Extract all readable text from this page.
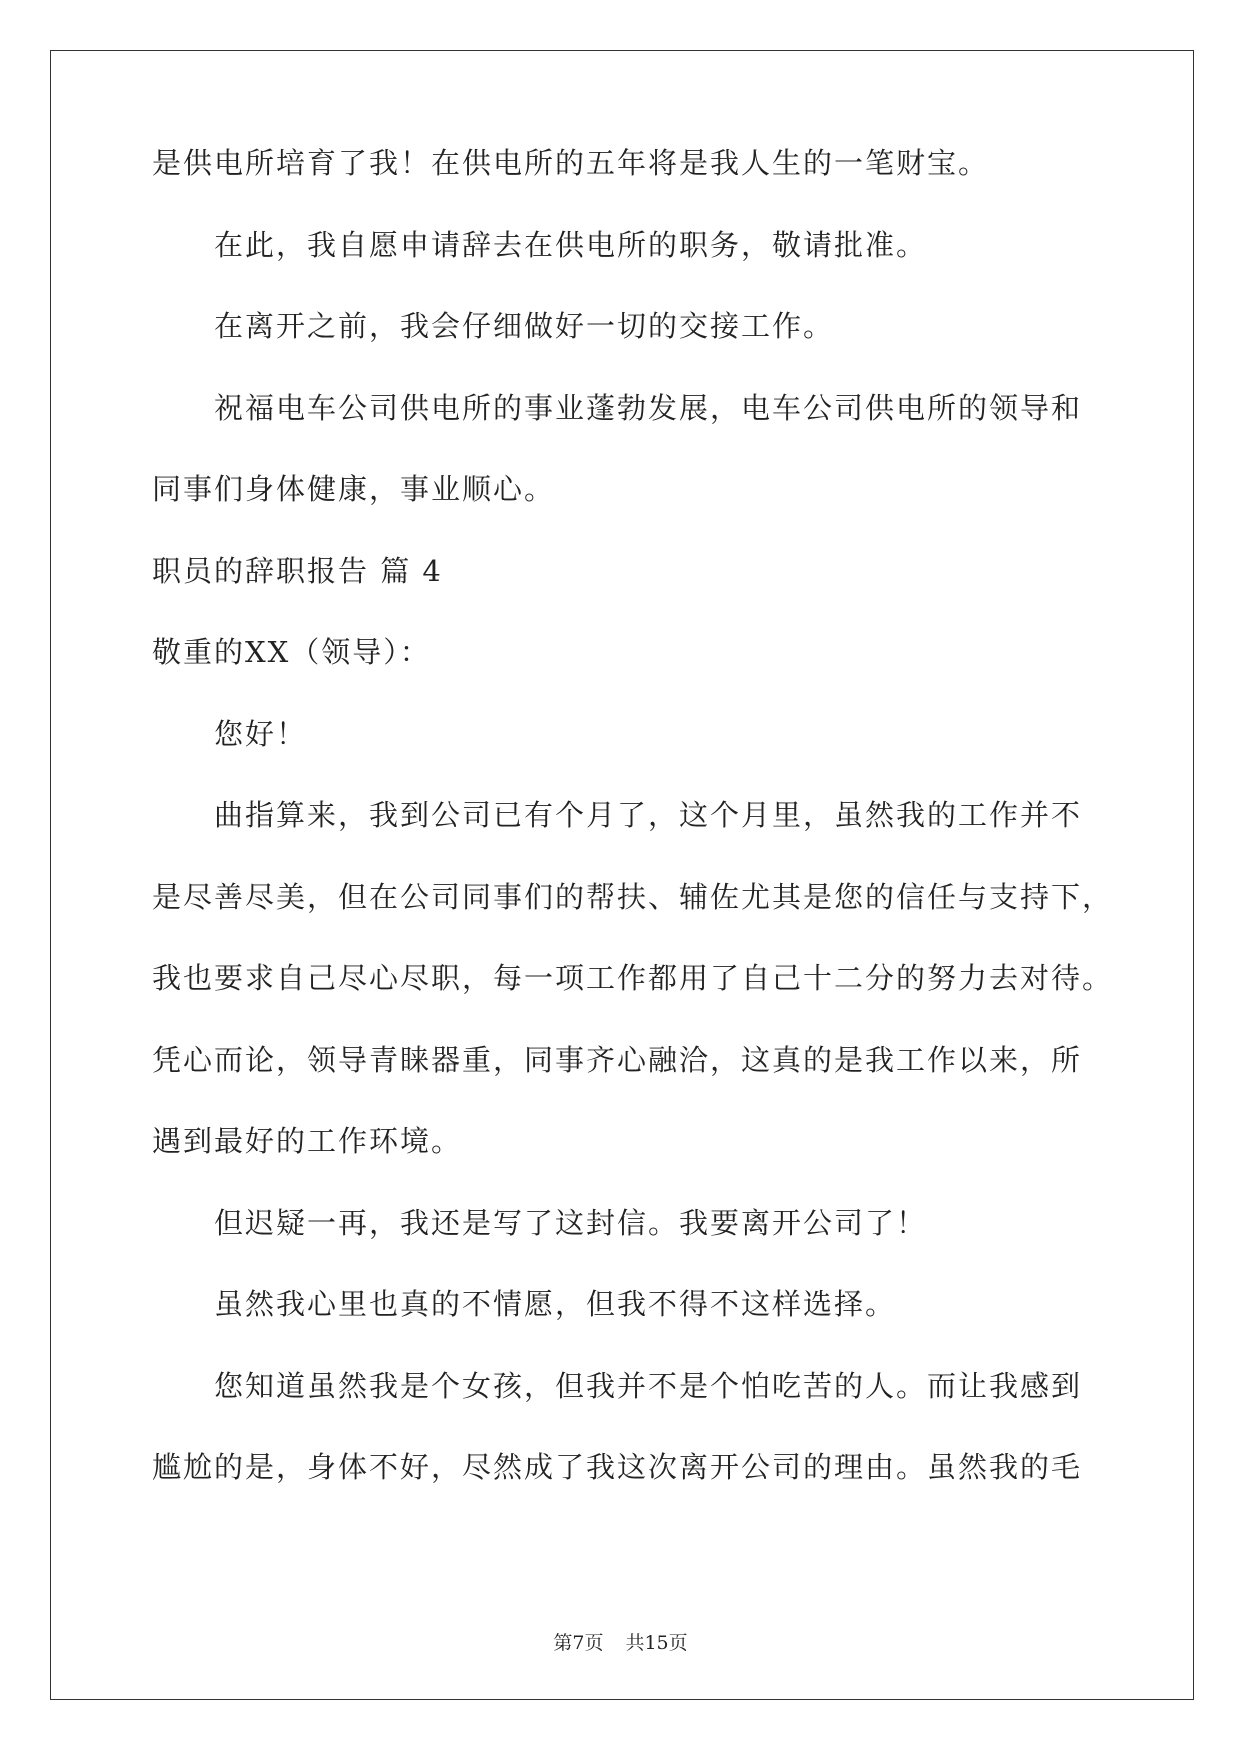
是供电所培育了我！在供电所的五年将是我人生的一笔财宝。
在此，我自愿申请辞去在供电所的职务，敬请批准。
在离开之前，我会仔细做好一切的交接工作。
祝福电车公司供电所的事业蓬勃发展，电车公司供电所的领导和
同事们身体健康，事业顺心。
职员的辞职报告 篇 4
敬重的XX（领导）：
您好！
曲指算来，我到公司已有个月了，这个月里，虽然我的工作并不
是尽善尽美，但在公司同事们的帮扶、辅佐尤其是您的信任与支持下，
我也要求自己尽心尽职，每一项工作都用了自己十二分的努力去对待。
凭心而论，领导青睐器重，同事齐心融洽，这真的是我工作以来，所
遇到最好的工作环境。
但迟疑一再，我还是写了这封信。我要离开公司了！
虽然我心里也真的不情愿，但我不得不这样选择。
您知道虽然我是个女孩，但我并不是个怕吃苦的人。而让我感到
尴尬的是，身体不好，尽然成了我这次离开公司的理由。虽然我的毛
第7页 共15页
